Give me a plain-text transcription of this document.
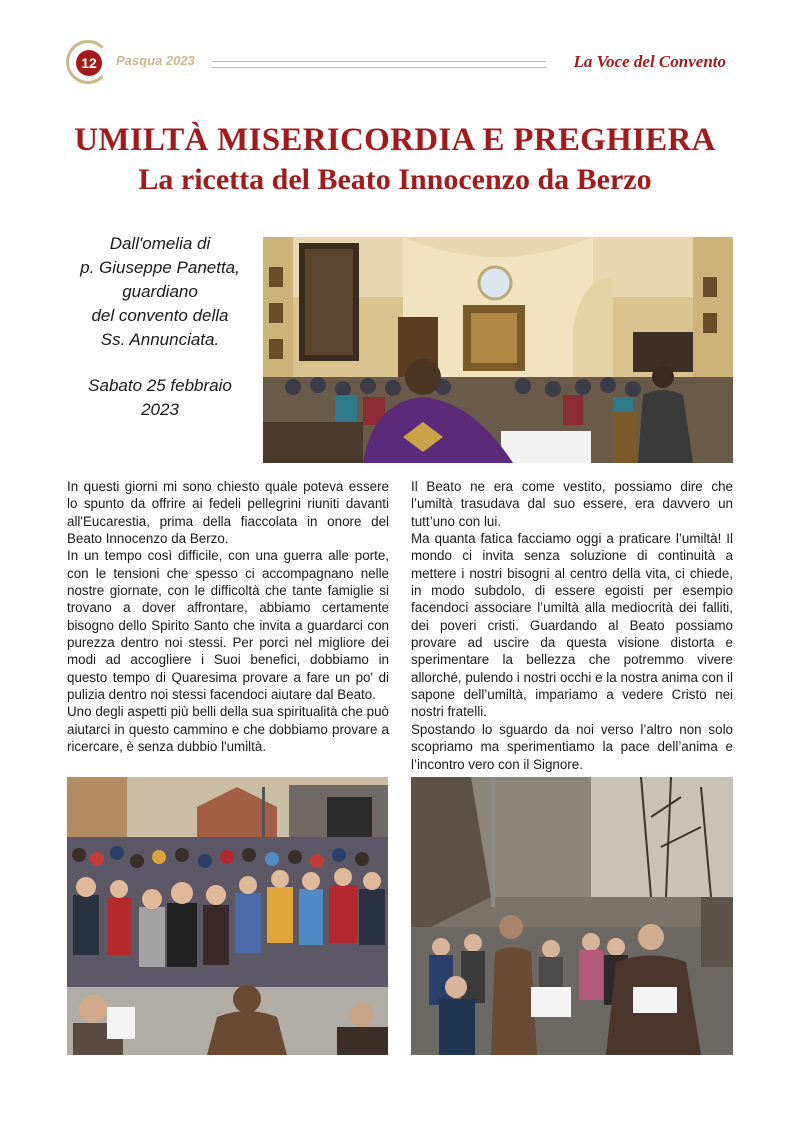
12	Pasqua 2023	La Voce del Convento
UMILTÀ MISERICORDIA E PREGHIERA
La ricetta del Beato Innocenzo da Berzo
Dall'omelia di
p. Giuseppe Panetta,
guardiano
del convento della
Ss. Annunciata.
Sabato 25 febbraio
2023

In questi giorni mi sono chiesto quale poteva essere lo spunto da offrire ai fedeli pellegrini riuniti davanti all'Eucarestia, prima della fiaccolata in onore del Beato Innocenzo da Berzo.

In un tempo così difficile, con una guerra alle porte, con le tensioni che spesso ci accompagnano nelle nostre giornate, con le difficoltà che tante famiglie si trovano a dover affrontare, abbiamo certamente bisogno dello Spirito Santo che invita a guardarci con purezza dentro noi stessi. Per porci nel migliore dei modi ad accogliere i Suoi benefici, dobbiamo in questo tempo di Quaresima provare a fare un po' di pulizia dentro noi stessi facendoci aiutare dal Beato.

Uno degli aspetti più belli della sua spiritualità che può aiutarci in questo cammino e che dobbiamo provare a ricercare, è senza dubbio l'umiltà.

Il Beato ne era come vestito, possiamo dire che l’umiltà trasudava dal suo essere, era davvero un tutt’uno con lui.

Ma quanta fatica facciamo oggi a praticare l’umiltà! Il mondo ci invita senza soluzione di continuità a mettere i nostri bisogni al centro della vita, ci chiede, in modo subdolo, di essere egoisti per esempio facendoci associare l’umiltà alla mediocrità dei falliti, dei poveri cristi. Guardando al Beato possiamo provare ad uscire da questa visione distorta e sperimentare la bellezza che potremmo vivere allorché, pulendo i nostri occhi e la nostra anima con il sapone dell’umiltà, impariamo a vedere Cristo nei nostri fratelli.

Spostando lo sguardo da noi verso l’altro non solo scopriamo ma sperimentiamo la pace dell’anima e l’incontro vero con il Signore.
